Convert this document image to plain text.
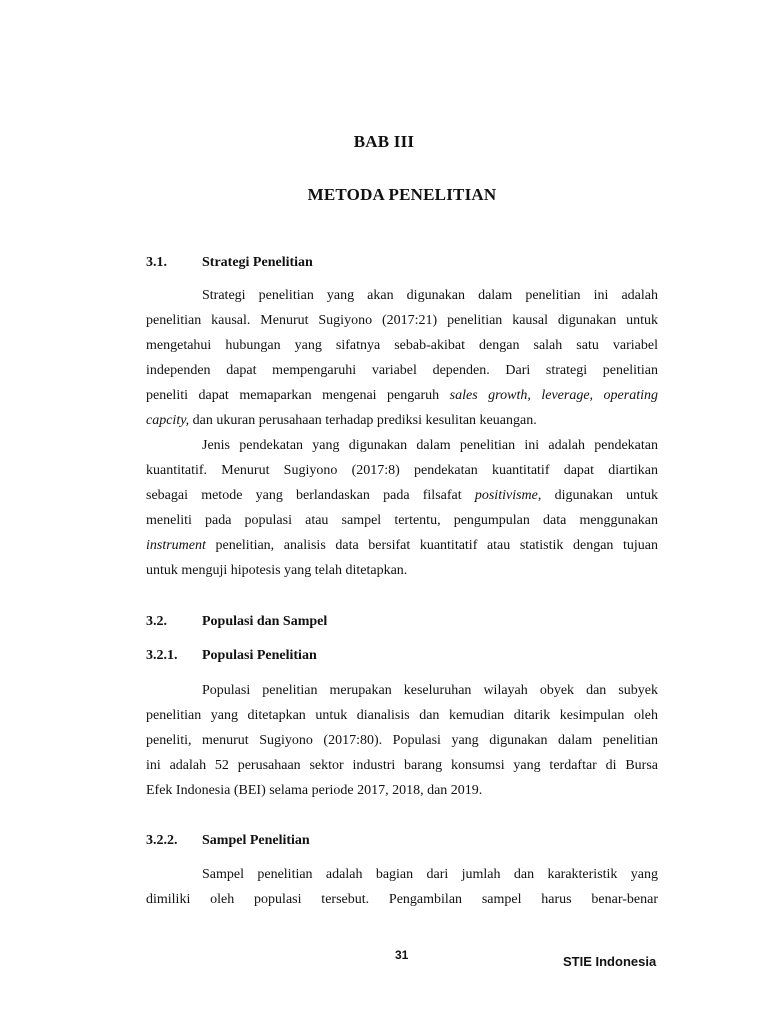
BAB III
METODA PENELITIAN
3.1.	Strategi Penelitian
Strategi penelitian yang akan digunakan dalam penelitian ini adalah
penelitian kausal. Menurut Sugiyono (2017:21) penelitian kausal digunakan untuk
mengetahui hubungan yang sifatnya sebab-akibat dengan salah satu variabel
independen dapat mempengaruhi variabel dependen. Dari strategi penelitian
peneliti dapat memaparkan mengenai pengaruh sales growth, leverage, operating
capcity, dan ukuran perusahaan terhadap prediksi kesulitan keuangan.
Jenis pendekatan yang digunakan dalam penelitian ini adalah pendekatan
kuantitatif. Menurut Sugiyono (2017:8) pendekatan kuantitatif dapat diartikan
sebagai metode yang berlandaskan pada filsafat positivisme, digunakan untuk
meneliti pada populasi atau sampel tertentu, pengumpulan data menggunakan
instrument penelitian, analisis data bersifat kuantitatif atau statistik dengan tujuan
untuk menguji hipotesis yang telah ditetapkan.
3.2.	Populasi dan Sampel
3.2.1. Populasi Penelitian
Populasi penelitian merupakan keseluruhan wilayah obyek dan subyek
penelitian yang ditetapkan untuk dianalisis dan kemudian ditarik kesimpulan oleh
peneliti, menurut Sugiyono (2017:80). Populasi yang digunakan dalam penelitian
ini adalah 52 perusahaan sektor industri barang konsumsi yang terdaftar di Bursa
Efek Indonesia (BEI) selama periode 2017, 2018, dan 2019.
3.2.2. Sampel Penelitian
Sampel penelitian adalah bagian dari jumlah dan karakteristik yang
dimiliki oleh populasi tersebut. Pengambilan sampel harus benar-benar
31	STIE Indonesia
